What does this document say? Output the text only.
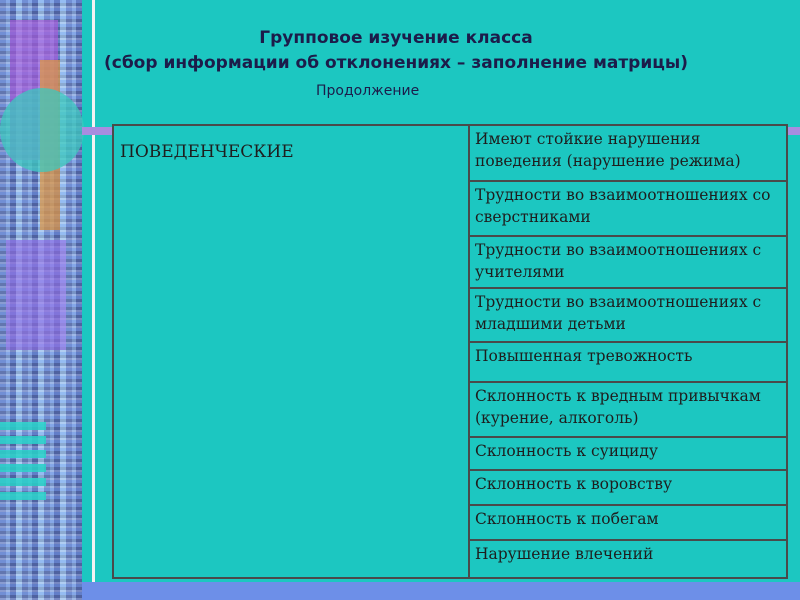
Групповое изучение класса
(сбор информации об отклонениях – заполнение матрицы)
Продолжение
ПОВЕДЕНЧЕСКИЕ	Имеют стойкие нарушения поведения (нарушение режима)
Трудности во взаимоотношениях со сверстниками
Трудности во взаимоотношениях с учителями
Трудности во взаимоотношениях с младшими детьми
Повышенная тревожность
Склонность к вредным привычкам (курение, алкоголь)
Склонность к суициду
Склонность к воровству
Склонность к побегам
Нарушение влечений
